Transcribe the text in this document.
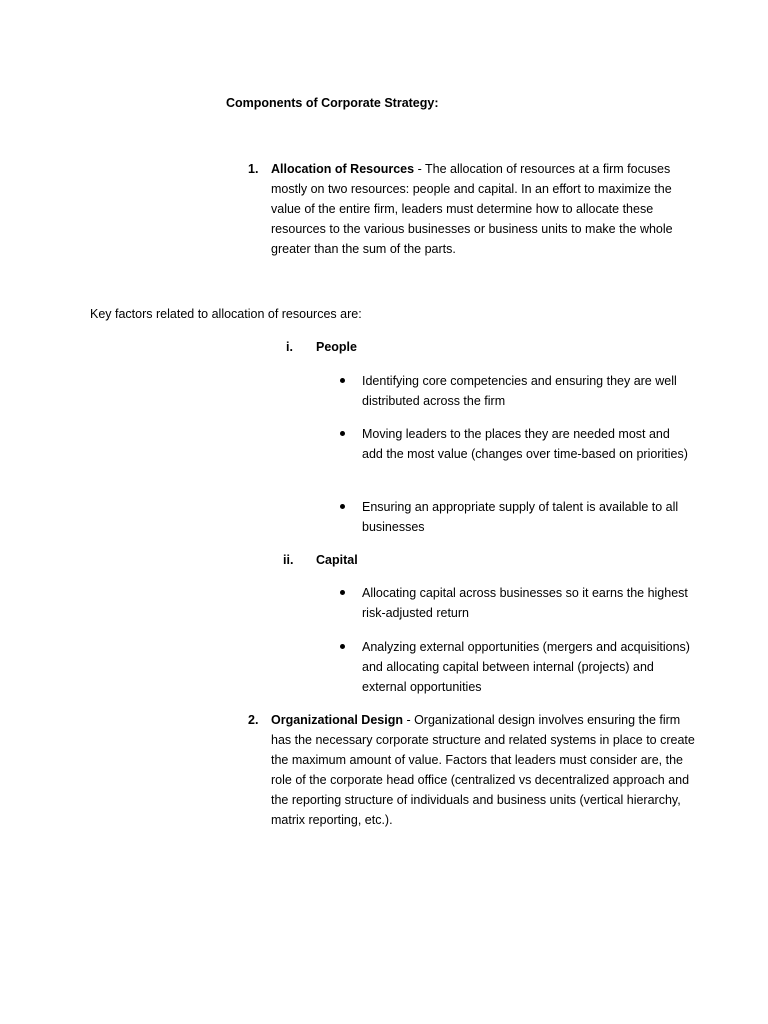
Components of Corporate Strategy:
1. Allocation of Resources - The allocation of resources at a firm focuses mostly on two resources: people and capital. In an effort to maximize the value of the entire firm, leaders must determine how to allocate these resources to the various businesses or business units to make the whole greater than the sum of the parts.
Key factors related to allocation of resources are:
i. People
Identifying core competencies and ensuring they are well distributed across the firm
Moving leaders to the places they are needed most and add the most value (changes over time-based on priorities)
Ensuring an appropriate supply of talent is available to all businesses
ii. Capital
Allocating capital across businesses so it earns the highest risk-adjusted return
Analyzing external opportunities (mergers and acquisitions) and allocating capital between internal (projects) and external opportunities
2. Organizational Design - Organizational design involves ensuring the firm has the necessary corporate structure and related systems in place to create the maximum amount of value. Factors that leaders must consider are, the role of the corporate head office (centralized vs decentralized approach and the reporting structure of individuals and business units (vertical hierarchy, matrix reporting, etc.).
